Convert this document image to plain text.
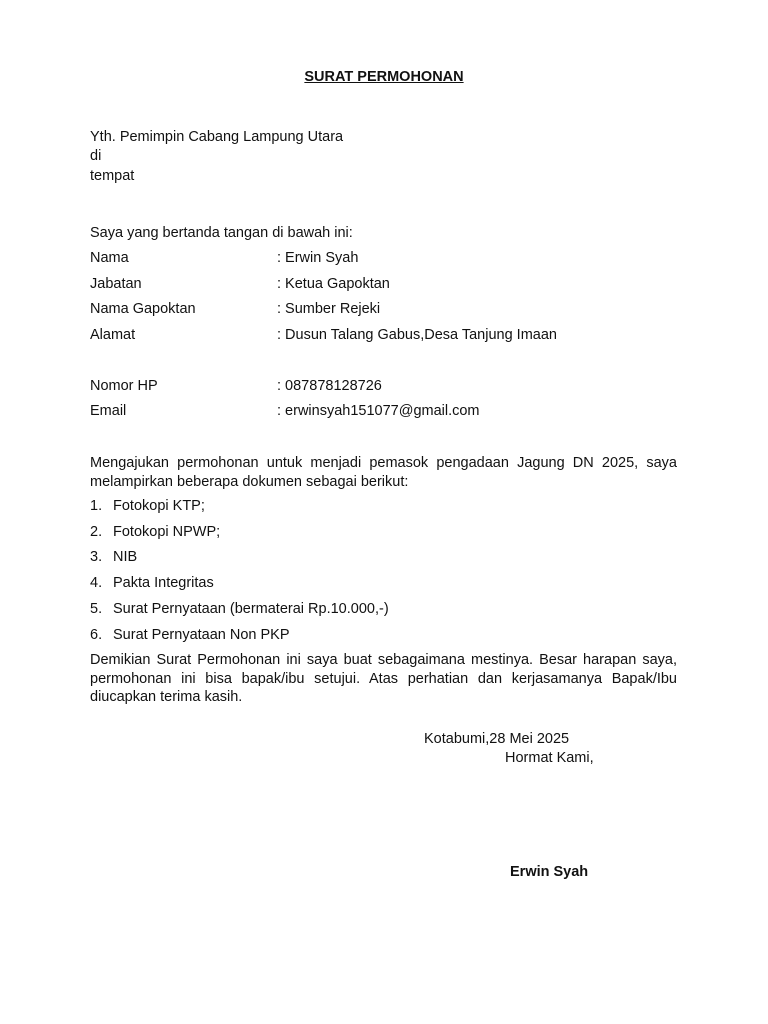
SURAT PERMOHONAN
Yth. Pemimpin Cabang Lampung Utara
di
tempat
Saya yang bertanda tangan di bawah ini:
Nama	: Erwin Syah
Jabatan	: Ketua Gapoktan
Nama Gapoktan	: Sumber Rejeki
Alamat	: Dusun Talang Gabus,Desa Tanjung Imaan
Nomor HP	: 087878128726
Email	: erwinsyah151077@gmail.com
Mengajukan permohonan untuk menjadi pemasok pengadaan Jagung DN 2025, saya melampirkan beberapa dokumen sebagai berikut:
1. Fotokopi KTP;
2. Fotokopi NPWP;
3. NIB
4. Pakta Integritas
5. Surat Pernyataan (bermaterai Rp.10.000,-)
6. Surat Pernyataan Non PKP
Demikian Surat Permohonan ini saya buat sebagaimana mestinya. Besar harapan saya, permohonan ini bisa bapak/ibu setujui. Atas perhatian dan kerjasamanya Bapak/Ibu diucapkan terima kasih.
Kotabumi,28 Mei 2025
Hormat Kami,
Erwin Syah
